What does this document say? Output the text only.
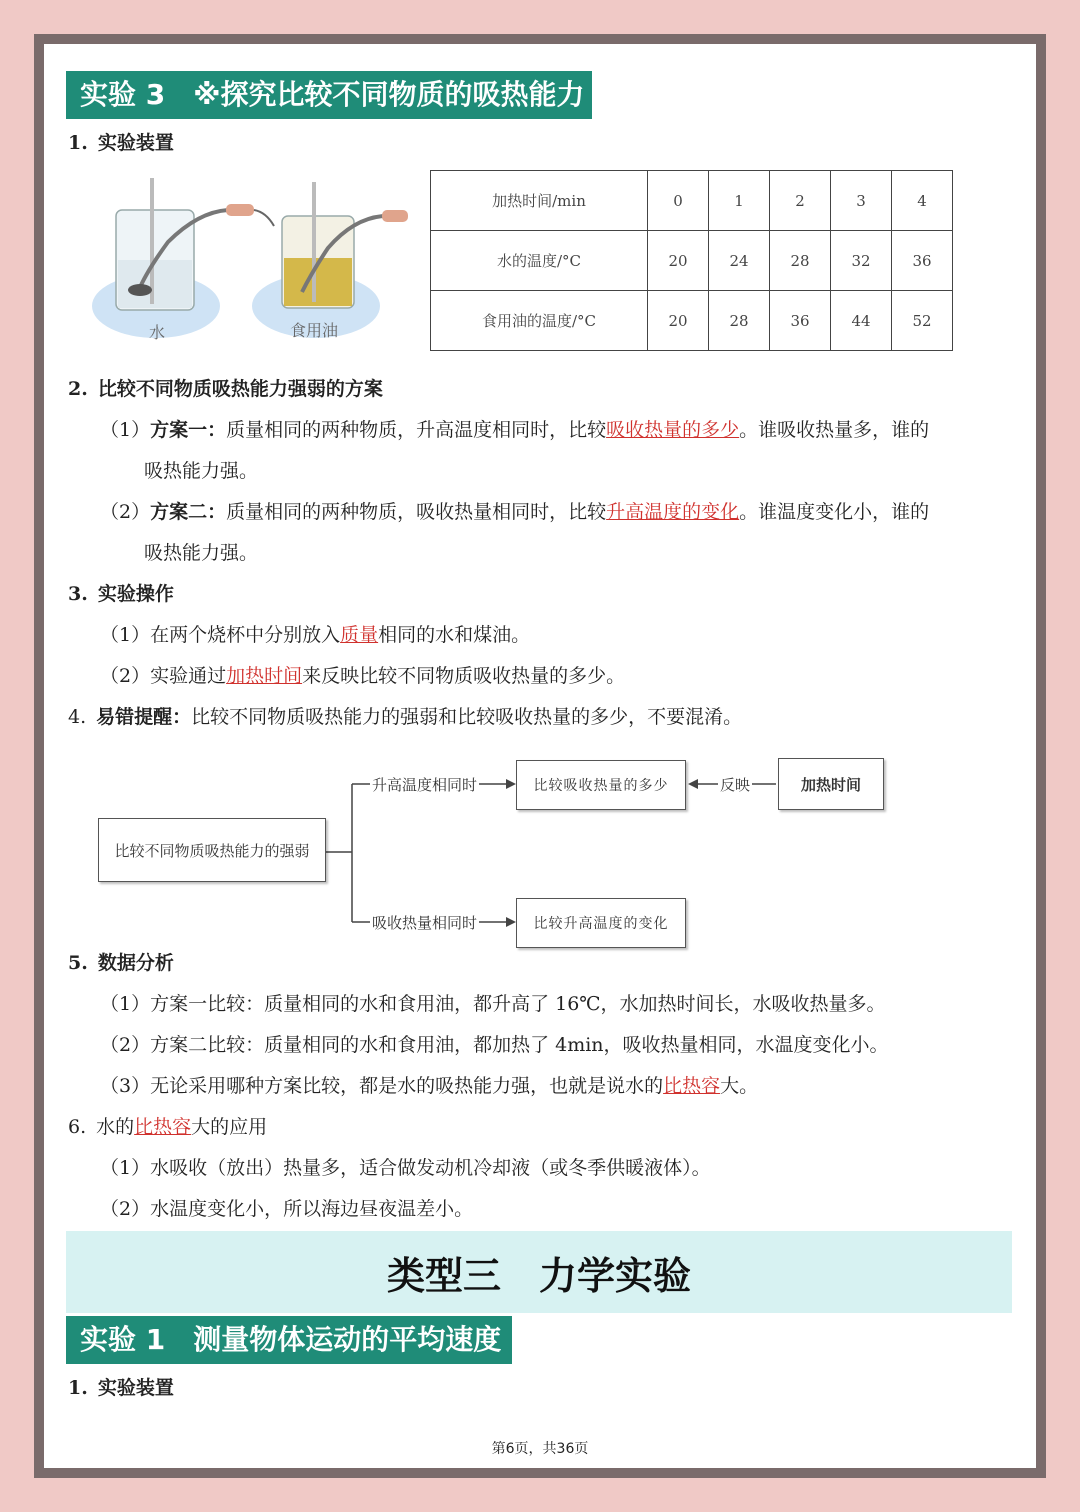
实验 3　※探究比较不同物质的吸热能力
1. 实验装置
水	食用油
加热时间/min	0	1	2	3	4
水的温度/°C	20	24	28	32	36
食用油的温度/°C	20	28	36	44	52
2. 比较不同物质吸热能力强弱的方案
（1）方案一：质量相同的两种物质，升高温度相同时，比较吸收热量的多少。谁吸收热量多，谁的
吸热能力强。
（2）方案二：质量相同的两种物质，吸收热量相同时，比较升高温度的变化。谁温度变化小，谁的
吸热能力强。
3. 实验操作
（1）在两个烧杯中分别放入质量相同的水和煤油。
（2）实验通过加热时间来反映比较不同物质吸收热量的多少。
4. 易错提醒：比较不同物质吸热能力的强弱和比较吸收热量的多少，不要混淆。
比较不同物质吸热能力的强弱
升高温度相同时	比较吸收热量的多少	反映	加热时间
吸收热量相同时	比较升高温度的变化
5. 数据分析
（1）方案一比较：质量相同的水和食用油，都升高了 16℃，水加热时间长，水吸收热量多。
（2）方案二比较：质量相同的水和食用油，都加热了 4min，吸收热量相同，水温度变化小。
（3）无论采用哪种方案比较，都是水的吸热能力强，也就是说水的比热容大。
6. 水的比热容大的应用
（1）水吸收（放出）热量多，适合做发动机冷却液（或冬季供暖液体）。
（2）水温度变化小，所以海边昼夜温差小。
类型三　力学实验
实验 1　测量物体运动的平均速度
1. 实验装置
第6页，共36页
